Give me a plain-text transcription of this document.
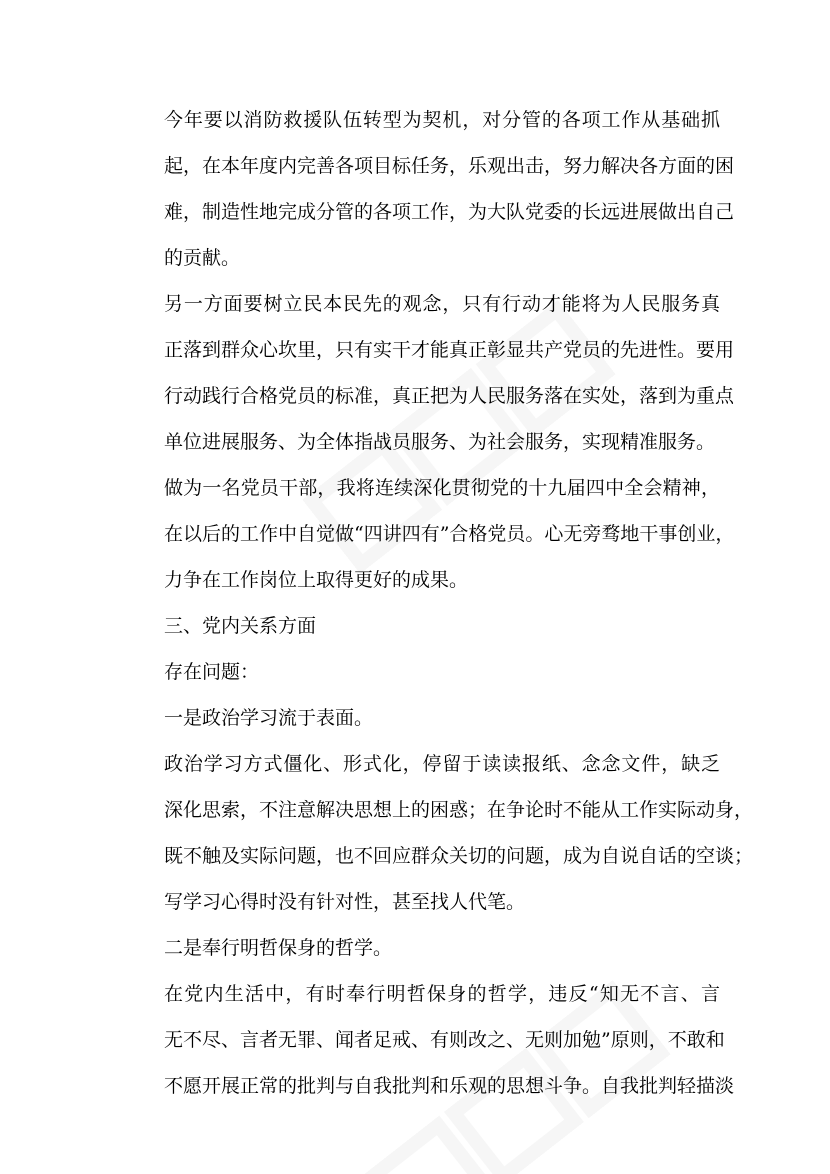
今年要以消防救援队伍转型为契机，对分管的各项工作从基础抓
起，在本年度内完善各项目标任务，乐观出击，努力解决各方面的困
难，制造性地完成分管的各项工作，为大队党委的长远进展做出自己
的贡献。

另一方面要树立民本民先的观念，只有行动才能将为人民服务真
正落到群众心坎里，只有实干才能真正彰显共产党员的先进性。要用
行动践行合格党员的标准，真正把为人民服务落在实处，落到为重点
单位进展服务、为全体指战员服务、为社会服务，实现精准服务。

做为一名党员干部，我将连续深化贯彻党的十九届四中全会精神，
在以后的工作中自觉做“四讲四有”合格党员。心无旁骛地干事创业，
力争在工作岗位上取得更好的成果。

三、党内关系方面

存在问题：

一是政治学习流于表面。

政治学习方式僵化、形式化，停留于读读报纸、念念文件，缺乏
深化思索，不注意解决思想上的困惑；在争论时不能从工作实际动身，
既不触及实际问题，也不回应群众关切的问题，成为自说自话的空谈；
写学习心得时没有针对性，甚至找人代笔。

二是奉行明哲保身的哲学。

在党内生活中，有时奉行明哲保身的哲学，违反“知无不言、言
无不尽、言者无罪、闻者足戒、有则改之、无则加勉”原则，不敢和
不愿开展正常的批判与自我批判和乐观的思想斗争。自我批判轻描淡
